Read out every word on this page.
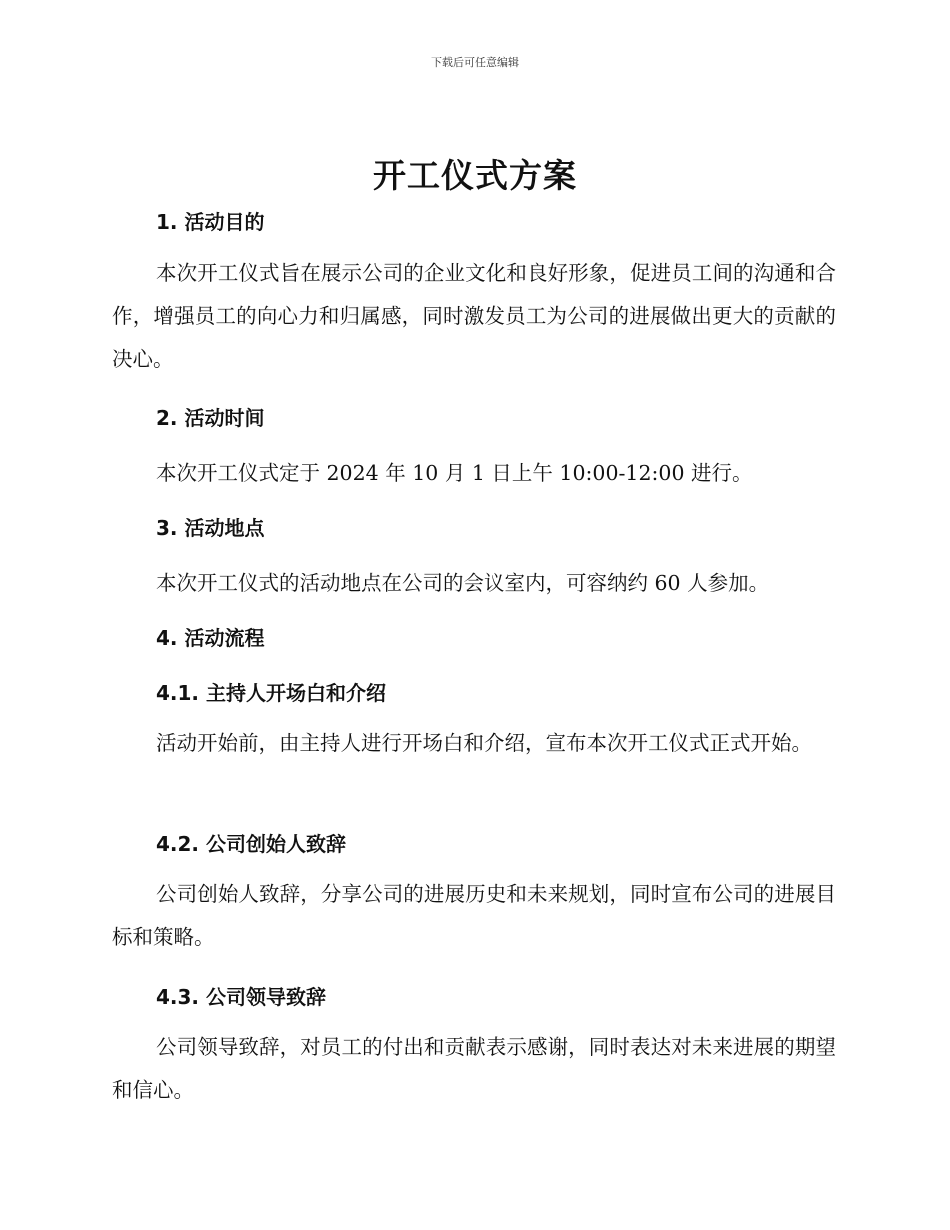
下载后可任意编辑
开工仪式方案
1. 活动目的
本次开工仪式旨在展示公司的企业文化和良好形象，促进员工间的沟通和合作，增强员工的向心力和归属感，同时激发员工为公司的进展做出更大的贡献的决心。
2. 活动时间
本次开工仪式定于 2024 年 10 月 1 日上午 10:00-12:00 进行。
3. 活动地点
本次开工仪式的活动地点在公司的会议室内，可容纳约 60 人参加。
4. 活动流程
4.1. 主持人开场白和介绍
活动开始前，由主持人进行开场白和介绍，宣布本次开工仪式正式开始。
4.2. 公司创始人致辞
公司创始人致辞，分享公司的进展历史和未来规划，同时宣布公司的进展目标和策略。
4.3. 公司领导致辞
公司领导致辞，对员工的付出和贡献表示感谢，同时表达对未来进展的期望和信心。
